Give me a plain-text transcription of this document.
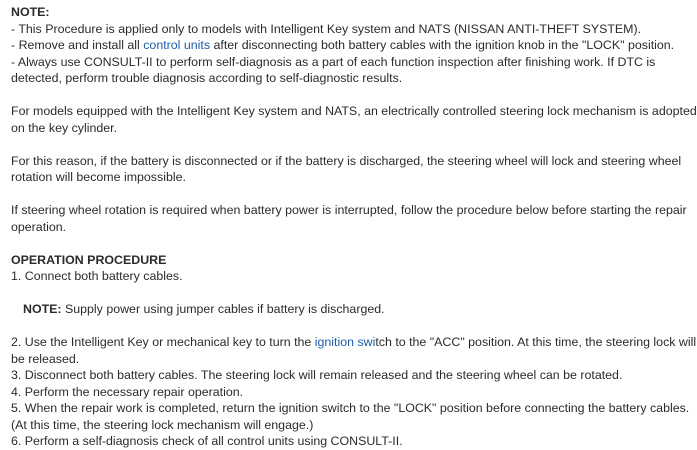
NOTE:

- This Procedure is applied only to models with Intelligent Key system and NATS (NISSAN ANTI-THEFT SYSTEM).

- Remove and install all control units after disconnecting both battery cables with the ignition knob in the "LOCK" position.

- Always use CONSULT-II to perform self-diagnosis as a part of each function inspection after finishing work. If DTC is

detected, perform trouble diagnosis according to self-diagnostic results.

For models equipped with the Intelligent Key system and NATS, an electrically controlled steering lock mechanism is adopted

on the key cylinder.

For this reason, if the battery is disconnected or if the battery is discharged, the steering wheel will lock and steering wheel

rotation will become impossible.

If steering wheel rotation is required when battery power is interrupted, follow the procedure below before starting the repair

operation.

OPERATION PROCEDURE

1. Connect both battery cables.

NOTE: Supply power using jumper cables if battery is discharged.

2. Use the Intelligent Key or mechanical key to turn the ignition switch to the "ACC" position. At this time, the steering lock will

be released.

3. Disconnect both battery cables. The steering lock will remain released and the steering wheel can be rotated.

4. Perform the necessary repair operation.

5. When the repair work is completed, return the ignition switch to the "LOCK" position before connecting the battery cables.

(At this time, the steering lock mechanism will engage.)

6. Perform a self-diagnosis check of all control units using CONSULT-II.
